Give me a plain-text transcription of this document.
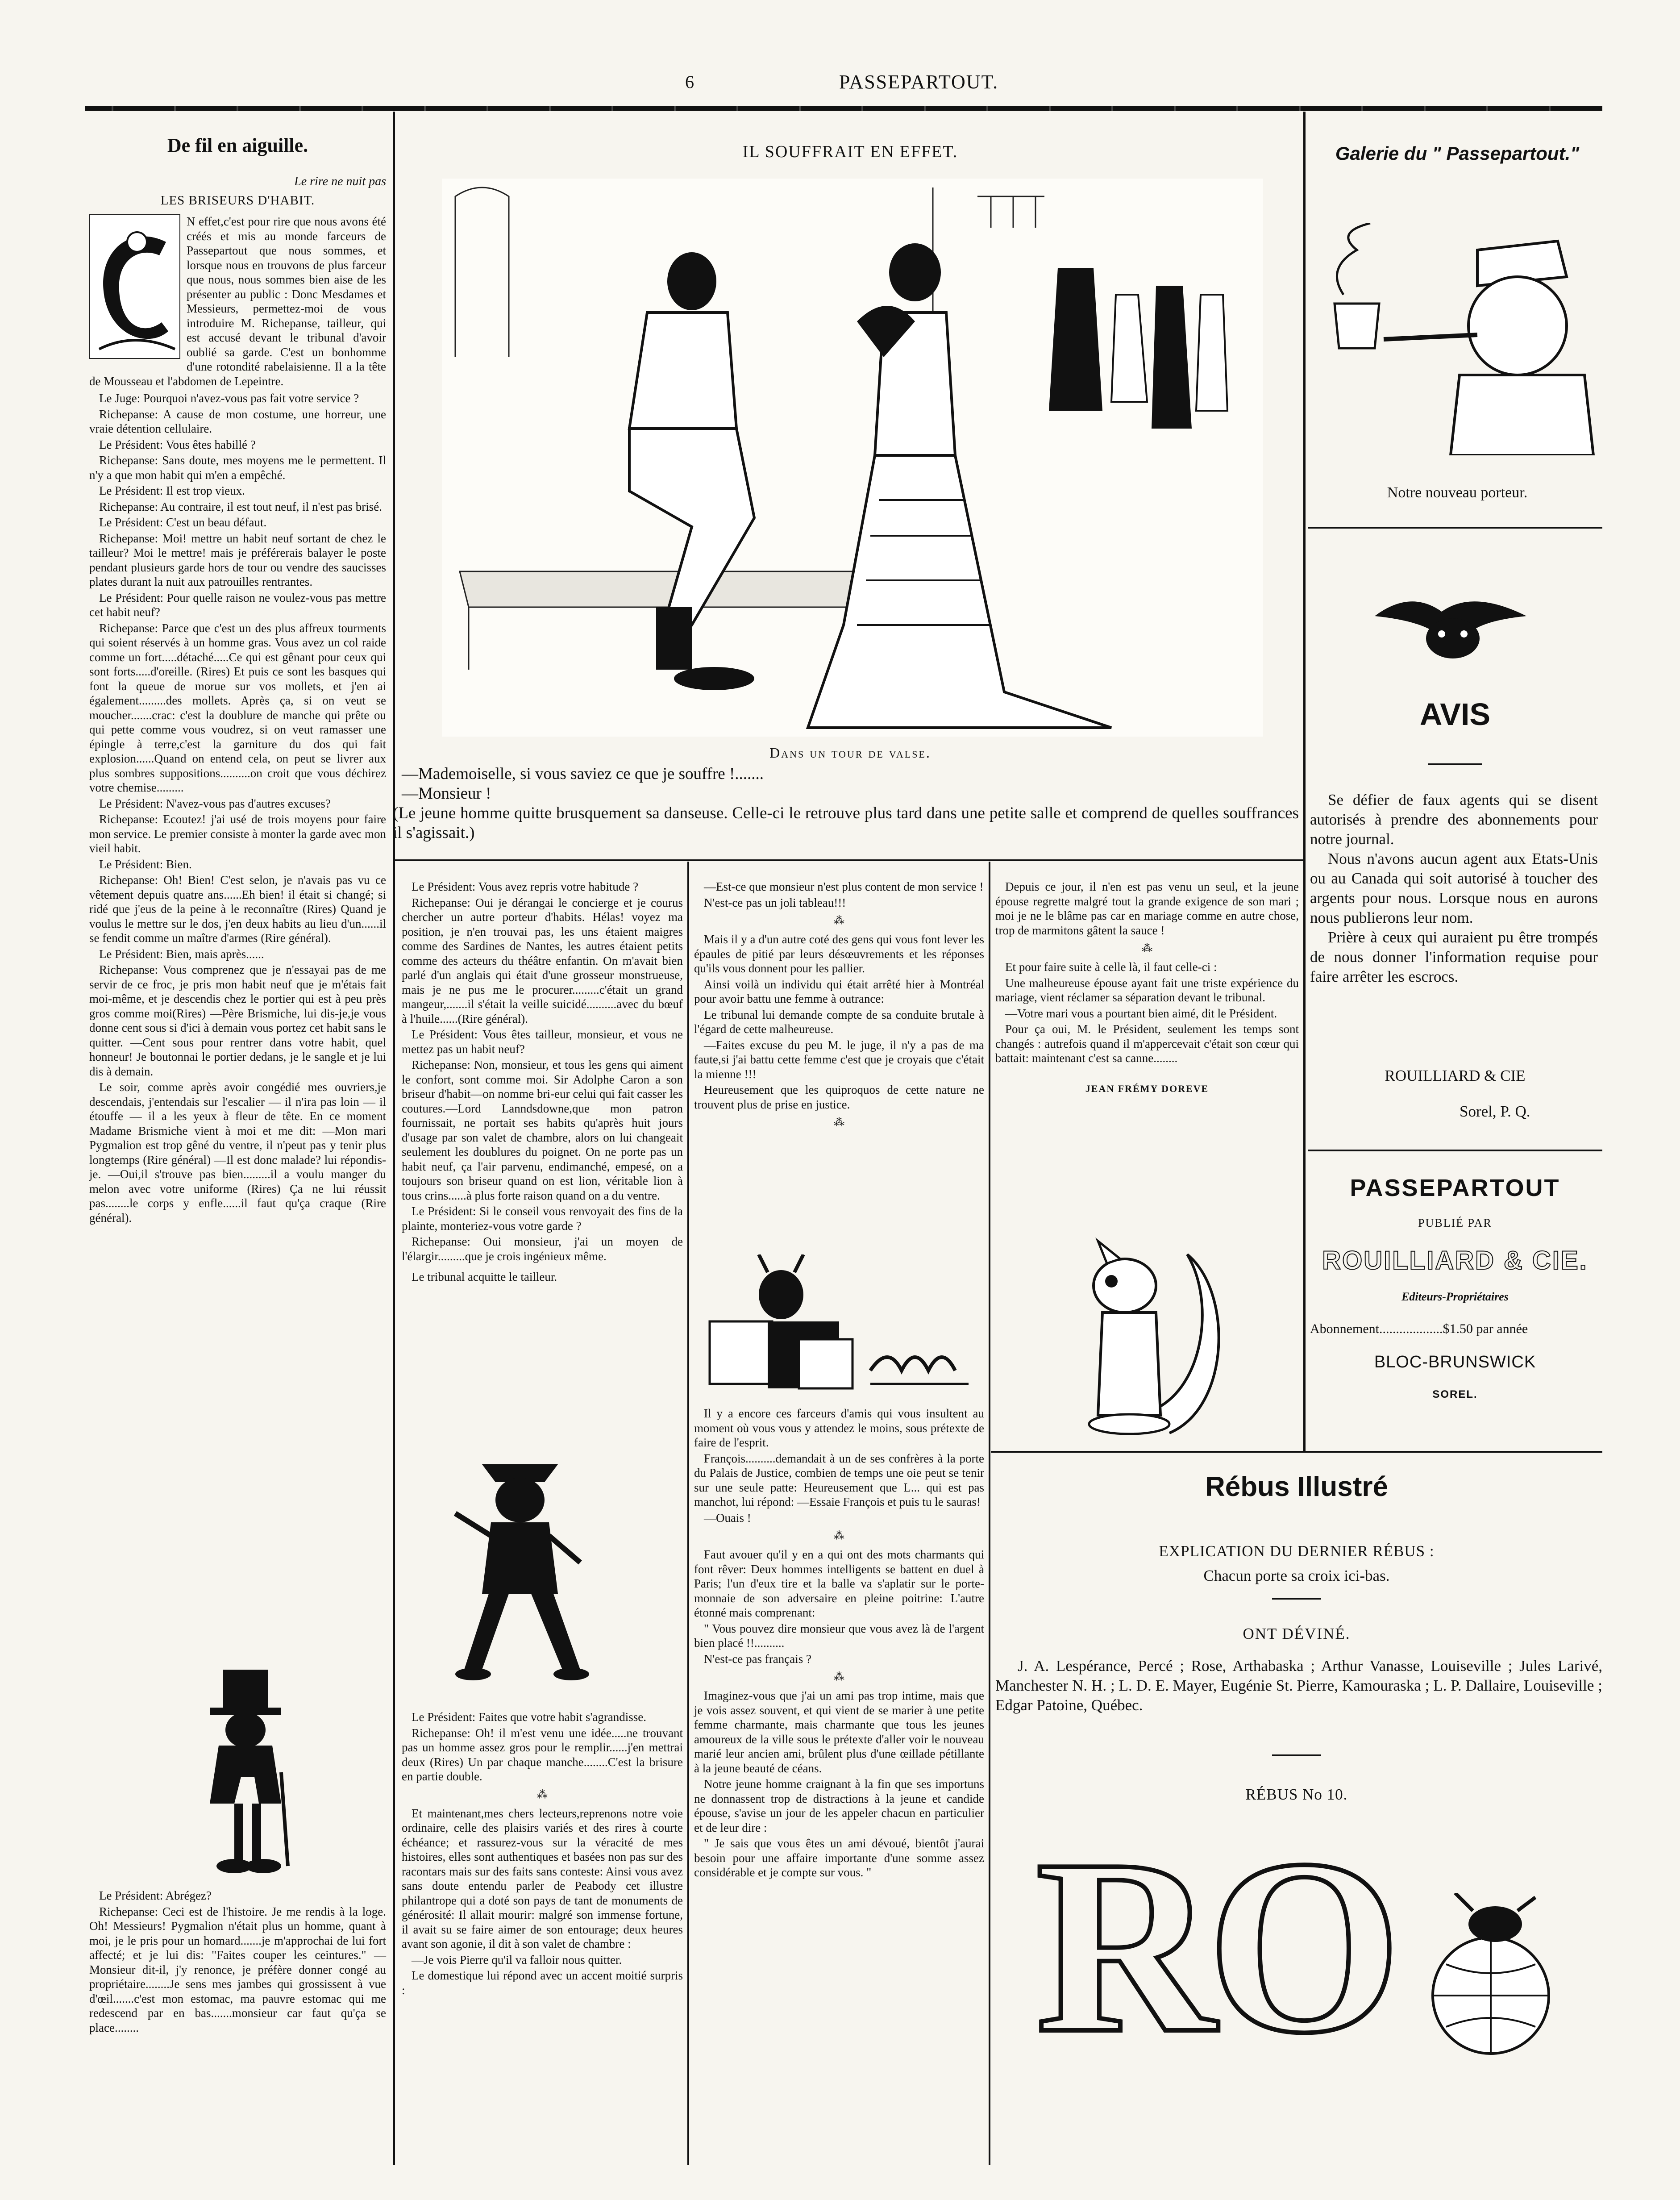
6	PASSEPARTOUT.
De fil en aiguille.
Le rire ne nuit pas
LES BRISEURS D'HABIT.
N effet,c'est pour rire que nous avons été créés et mis au monde farceurs de Passepartout que nous sommes, et lorsque nous en trouvons de plus farceur que nous, nous sommes bien aise de les présenter au public : Donc Mesdames et Messieurs, permettez-moi de vous introduire M. Richepanse, tailleur, qui est accusé devant le tribunal d'avoir oublié sa garde. C'est un bonhomme d'une rotondité rabelaisienne. Il a la tête de Mousseau et l'abdomen de Lepeintre.

Le Juge: Pourquoi n'avez-vous pas fait votre service ?

Richepanse: A cause de mon costume, une horreur, une vraie détention cellulaire.

Le Président: Vous êtes habillé ?

Richepanse: Sans doute, mes moyens me le permettent. Il n'y a que mon habit qui m'en a empêché.

Le Président: Il est trop vieux.

Richepanse: Au contraire, il est tout neuf, il n'est pas brisé.

Le Président: C'est un beau défaut.

Richepanse: Moi! mettre un habit neuf sortant de chez le tailleur? Moi le mettre! mais je préférerais balayer le poste pendant plusieurs garde hors de tour ou vendre des saucisses plates durant la nuit aux patrouilles rentrantes.

Le Président: Pour quelle raison ne voulez-vous pas mettre cet habit neuf?

Richepanse: Parce que c'est un des plus affreux tourments qui soient réservés à un homme gras. Vous avez un col raide comme un fort.....détaché.....Ce qui est gênant pour ceux qui sont forts.....d'oreille. (Rires) Et puis ce sont les basques qui font la queue de morue sur vos mollets, et j'en ai également.........des mollets. Après ça, si on veut se moucher.......crac: c'est la doublure de manche qui prête ou qui pette comme vous voudrez, si on veut ramasser une épingle à terre,c'est la garniture du dos qui fait explosion......Quand on entend cela, on peut se livrer aux plus sombres suppositions..........on croit que vous déchirez votre chemise.........

Le Président: N'avez-vous pas d'autres excuses?

Richepanse: Ecoutez! j'ai usé de trois moyens pour faire mon service. Le premier consiste à monter la garde avec mon vieil habit.

Le Président: Bien.

Richepanse: Oh! Bien! C'est selon, je n'avais pas vu ce vêtement depuis quatre ans......Eh bien! il était si changé; si ridé que j'eus de la peine à le reconnaître (Rires) Quand je voulus le mettre sur le dos, j'en deux habits au lieu d'un......il se fendit comme un maître d'armes (Rire général).

Le Président: Bien, mais après......

Richepanse: Vous comprenez que je n'essayai pas de me servir de ce froc, je pris mon habit neuf que je m'étais fait moi-même, et je descendis chez le portier qui est à peu près gros comme moi(Rires) —Père Brismiche, lui dis-je,je vous donne cent sous si d'ici à demain vous portez cet habit sans le quitter. —Cent sous pour rentrer dans votre habit, quel honneur! Je boutonnai le portier dedans, je le sangle et je lui dis à demain.

Le soir, comme après avoir congédié mes ouvriers,je descendais, j'entendais sur l'escalier — il n'ira pas loin — il étouffe — il a les yeux à fleur de tête. En ce moment Madame Brismiche vient à moi et me dit: —Mon mari Pygmalion est trop gêné du ventre, il n'peut pas y tenir plus longtemps (Rire général) —Il est donc malade? lui répondis-je. —Oui,il s'trouve pas bien.........il a voulu manger du melon avec votre uniforme (Rires) Ça ne lui réussit pas........le corps y enfle......il faut qu'ça craque (Rire général).

Le Président: Abrégez?

Richepanse: Ceci est de l'histoire. Je me rendis à la loge. Oh! Messieurs! Pygmalion n'était plus un homme, quant à moi, je le pris pour un homard.......je m'approchai de lui fort affecté; et je lui dis: "Faites couper les ceintures." —Monsieur dit-il, j'y renonce, je préfère donner congé au propriétaire........Je sens mes jambes qui grossissent à vue d'œil.......c'est mon estomac, ma pauvre estomac qui me redescend par en bas.......monsieur car faut qu'ça se place........

IL SOUFFRAIT EN EFFET.
Dans un tour de valse.
—Mademoiselle, si vous saviez ce que je souffre !.......
—Monsieur !
(Le jeune homme quitte brusquement sa danseuse. Celle-ci le retrouve plus tard dans une petite salle et comprend de quelles souffrances il s'agissait.)

Le Président: Vous avez repris votre habitude ?

Richepanse: Oui je dérangai le concierge et je courus chercher un autre porteur d'habits. Hélas! voyez ma position, je n'en trouvai pas, les uns étaient maigres comme des Sardines de Nantes, les autres étaient petits comme des acteurs du théâtre enfantin. On m'avait bien parlé d'un anglais qui était d'une grosseur monstrueuse, mais je ne pus me le procurer.........c'était un grand mangeur,.......il s'était la veille suicidé..........avec du bœuf à l'huile......(Rire général).

Le Président: Vous êtes tailleur, monsieur, et vous ne mettez pas un habit neuf?

Richepanse: Non, monsieur, et tous les gens qui aiment le confort, sont comme moi. Sir Adolphe Caron a son briseur d'habit—on nomme bri-eur celui qui fait casser les coutures.—Lord Lanndsdowne,que mon patron fournissait, ne portait ses habits qu'après huit jours d'usage par son valet de chambre, alors on lui changeait seulement les doublures du poignet. On ne porte pas un habit neuf, ça l'air parvenu, endimanché, empesé, on a toujours son briseur quand on est lion, véritable lion à tous crins......à plus forte raison quand on a du ventre.

Le Président: Si le conseil vous renvoyait des fins de la plainte, monteriez-vous votre garde ?

Richepanse: Oui monsieur, j'ai un moyen de l'élargir.........que je crois ingénieux même.

Le tribunal acquitte le tailleur.

Le Président: Faites que votre habit s'agrandisse.

Richepanse: Oh! il m'est venu une idée.....ne trouvant pas un homme assez gros pour le remplir......j'en mettrai deux (Rires) Un par chaque manche........C'est la brisure en partie double.

⁂

Et maintenant,mes chers lecteurs,reprenons notre voie ordinaire, celle des plaisirs variés et des rires à courte échéance; et rassurez-vous sur la véracité de mes histoires, elles sont authentiques et basées non pas sur des racontars mais sur des faits sans conteste: Ainsi vous avez sans doute entendu parler de Peabody cet illustre philantrope qui a doté son pays de tant de monuments de générosité: Il allait mourir: malgré son immense fortune, il avait su se faire aimer de son entourage; deux heures avant son agonie, il dit à son valet de chambre :

—Je vois Pierre qu'il va falloir nous quitter.

Le domestique lui répond avec un accent moitié surpris :

—Est-ce que monsieur n'est plus content de mon service !

N'est-ce pas un joli tableau!!!

⁂

Mais il y a d'un autre coté des gens qui vous font lever les épaules de pitié par leurs désœuvrements et les réponses qu'ils vous donnent pour les pallier.

Ainsi voilà un individu qui était arrêté hier à Montréal pour avoir battu une femme à outrance:

Le tribunal lui demande compte de sa conduite brutale à l'égard de cette malheureuse.

—Faites excuse du peu M. le juge, il n'y a pas de ma faute,si j'ai battu cette femme c'est que je croyais que c'était la mienne !!!

Heureusement que les quiproquos de cette nature ne trouvent plus de prise en justice.

⁂

Il y a encore ces farceurs d'amis qui vous insultent au moment où vous vous y attendez le moins, sous prétexte de faire de l'esprit.

François..........demandait à un de ses confrères à la porte du Palais de Justice, combien de temps une oie peut se tenir sur une seule patte: Heureusement que L... qui est pas manchot, lui répond: —Essaie François et puis tu le sauras!

—Ouais !

⁂

Faut avouer qu'il y en a qui ont des mots charmants qui font rêver: Deux hommes intelligents se battent en duel à Paris; l'un d'eux tire et la balle va s'aplatir sur le porte-monnaie de son adversaire en pleine poitrine: L'autre étonné mais comprenant:

" Vous pouvez dire monsieur que vous avez là de l'argent bien placé !!..........

N'est-ce pas français ?

⁂

Imaginez-vous que j'ai un ami pas trop intime, mais que je vois assez souvent, et qui vient de se marier à une petite femme charmante, mais charmante que tous les jeunes amoureux de la ville sous le prétexte d'aller voir le nouveau marié leur ancien ami, brûlent plus d'une œillade pétillante à la jeune beauté de céans.

Notre jeune homme craignant à la fin que ses importuns ne donnassent trop de distractions à la jeune et candide épouse, s'avise un jour de les appeler chacun en particulier et de leur dire :

" Je sais que vous êtes un ami dévoué, bientôt j'aurai besoin pour une affaire importante d'une somme assez considérable et je compte sur vous. "

Depuis ce jour, il n'en est pas venu un seul, et la jeune épouse regrette malgré tout la grande exigence de son mari ; moi je ne le blâme pas car en mariage comme en autre chose, trop de marmitons gâtent la sauce !

⁂

Et pour faire suite à celle là, il faut celle-ci :

Une malheureuse épouse ayant fait une triste expérience du mariage, vient réclamer sa séparation devant le tribunal.

—Votre mari vous a pourtant bien aimé, dit le Président.

Pour ça oui, M. le Président, seulement les temps sont changés : autrefois quand il m'appercevait c'était son cœur qui battait: maintenant c'est sa canne........

JEAN FRÉMY DOREVE
Galerie du " Passepartout."
Notre nouveau porteur.
AVIS

Se défier de faux agents qui se disent autorisés à prendre des abonnements pour notre journal.

Nous n'avons aucun agent aux Etats-Unis ou au Canada qui soit autorisé à toucher des argents pour nous. Lorsque nous en aurons nous publierons leur nom.

Prière à ceux qui auraient pu être trompés de nous donner l'information requise pour faire arrêter les escrocs.

ROUILLIARD & CIE
Sorel, P. Q.
PASSEPARTOUT
PUBLIÉ PAR
ROUILLIARD & CIE.
Editeurs-Propriétaires
Abonnement...................$1.50 par année
BLOC-BRUNSWICK
SOREL.
Rébus Illustré
EXPLICATION DU DERNIER RÉBUS :
Chacun porte sa croix ici-bas.
ONT DÉVINÉ.
J. A. Lespérance, Percé ; Rose, Arthabaska ; Arthur Vanasse, Louiseville ; Jules Larivé, Manchester N. H. ; L. D. E. Mayer, Eugénie St. Pierre, Kamouraska ; L. P. Dallaire, Louiseville ; Edgar Patoine, Québec.
RÉBUS No 10.
RO
